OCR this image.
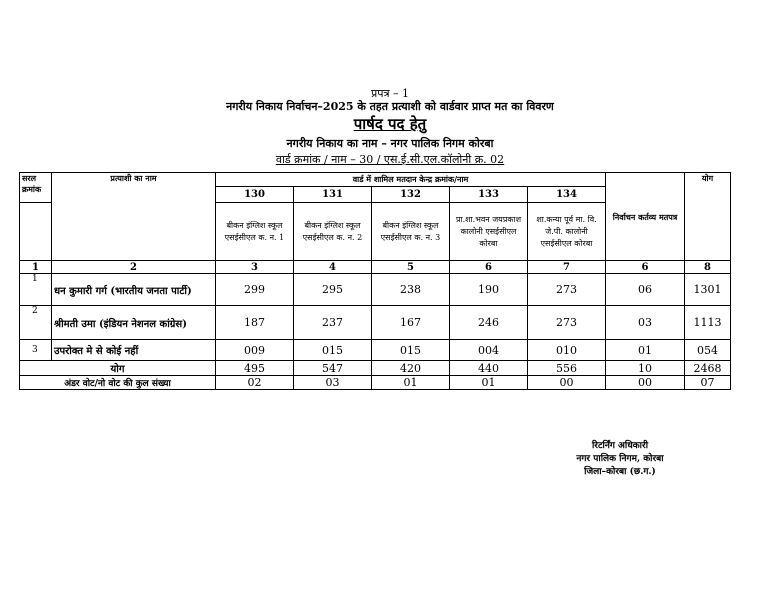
प्रपत्र – 1
नगरीय निकाय निर्वाचन–2025 के तहत प्रत्याशी को वार्डवार प्राप्त मत का विवरण
पार्षद पद हेतु
नगरीय निकाय का नाम – नगर पालिक निगम कोरबा
वार्ड क्रमांक / नाम – 30 / एस.ई.सी.एल.कॉलोनी क्र. 02
सरल क्रमांक	प्रत्याशी का नाम	वार्ड में शामिल मतदान केन्द्र क्रमांक/नाम					निर्वाचन कर्तव्य मतपत्र	योग
		130	131	132	133	134		
		बीकन इंग्लिश स्कूल एसईसीएल क. न. 1	बीकन इंग्लिश स्कूल एसईसीएल क. न. 2	बीकन इंग्लिश स्कूल एसईसीएल क. न. 3	प्रा.शा.भवन जयप्रकाश कालोनी एसईसीएल कोरबा	शा.कन्या पूर्व मा. वि. जे.पी. कालोनी एसईसीएल कोरबा		
1	2	3	4	5	6	7	6	8
1	धन कुमारी गर्ग (भारतीय जनता पार्टी)	299	295	238	190	273	06	1301
2	श्रीमती उमा (इंडियन नेशनल कांग्रेस)	187	237	167	246	273	03	1113
3	उपरोक्त मे से कोई नहीं	009	015	015	004	010	01	054
योग		495	547	420	440	556	10	2468
अंडर वोट/नो वोट की कुल संख्या		02	03	01	01	00	00	07
रिटर्निंग अधिकारी
नगर पालिक निगम, कोरबा
जिला–कोरबा (छ.ग.)
